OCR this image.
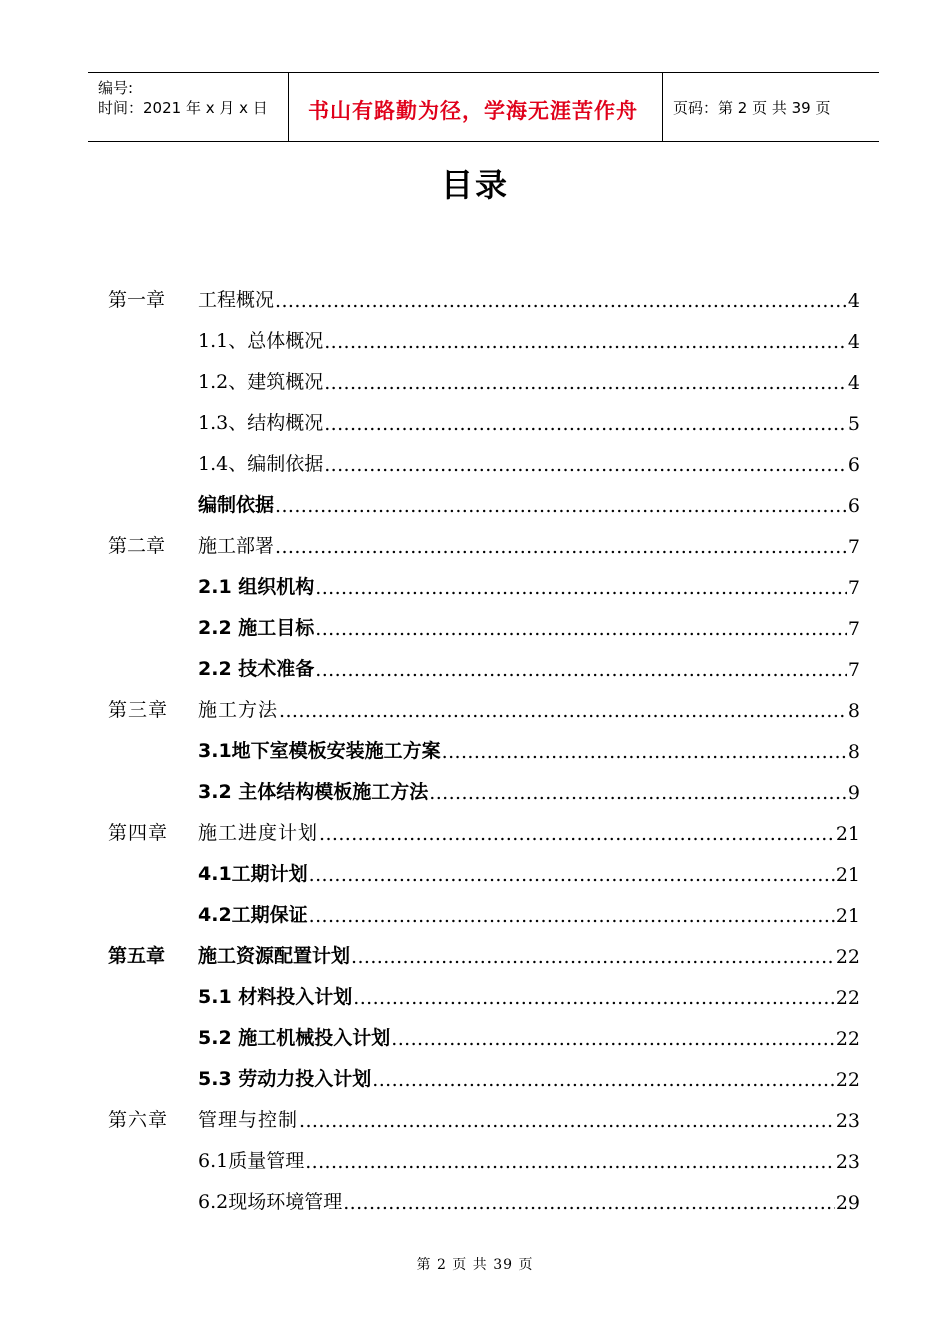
编号:
时间：2021 年 x 月 x 日 书山有路勤为径，学海无涯苦作舟 页码：第 2 页 共 39 页
目录
第一章 工程概况 .....	4
1.1、总体概况 .....	4
1.2、建筑概况 .....	4
1.3、结构概况 .....	5
1.4、编制依据 .....	6
编制依据 .....	6
第二章 施工部署 .....	7
2.1 组织机构 .....	7
2.2 施工目标 .....	7
2.2 技术准备 .....	7
第三章 施工方法 .....	8
3.1地下室模板安装施工方案 .....	8
3.2 主体结构模板施工方法 .....	9
第四章 施工进度计划 .....	21
4.1工期计划 .....	21
4.2工期保证 .....	21
第五章 施工资源配置计划 .....	22
5.1 材料投入计划 .....	22
5.2 施工机械投入计划 .....	22
5.3 劳动力投入计划 .....	22
第六章 管理与控制 .....	23
6.1质量管理 .....	23
6.2现场环境管理 .....	29
第 2 页 共 39 页
